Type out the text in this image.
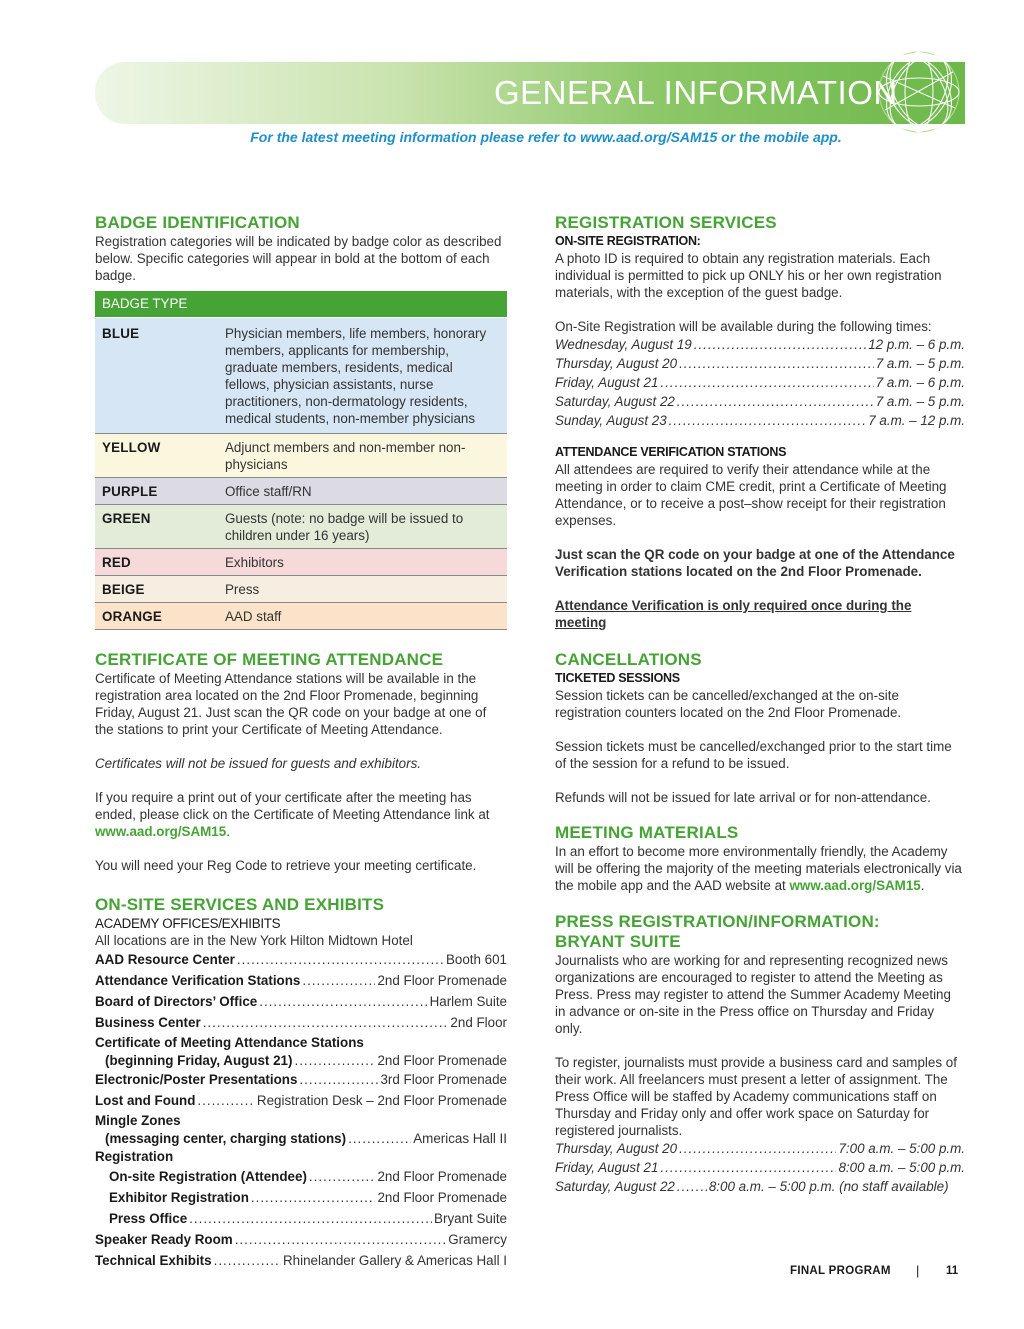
GENERAL INFORMATION
For the latest meeting information please refer to www.aad.org/SAM15 or the mobile app.
BADGE IDENTIFICATION

Registration categories will be indicated by badge color as described below. Specific categories will appear in bold at the bottom of each badge.

BADGE TYPE	
BLUE	Physician members, life members, honorary members, applicants for membership, graduate members, residents, medical fellows, physician assistants, nurse practitioners, non-dermatology residents, medical students, non-member physicians
YELLOW	Adjunct members and non-member non-physicians
PURPLE	Office staff/RN
GREEN	Guests (note: no badge will be issued to children under 16 years)
RED	Exhibitors
BEIGE	Press
ORANGE	AAD staff
CERTIFICATE OF MEETING ATTENDANCE

Certificate of Meeting Attendance stations will be available in the registration area located on the 2nd Floor Promenade, beginning Friday, August 21. Just scan the QR code on your badge at one of the stations to print your Certificate of Meeting Attendance.

Certificates will not be issued for guests and exhibitors.

If you require a print out of your certificate after the meeting has ended, please click on the Certificate of Meeting Attendance link at www.aad.org/SAM15.

You will need your Reg Code to retrieve your meeting certificate.

ON-SITE SERVICES AND EXHIBITS
ACADEMY OFFICES/EXHIBITS

All locations are in the New York Hilton Midtown Hotel

AAD Resource Center .....	Booth 601
Attendance Verification Stations .....	2nd Floor Promenade
Board of Directors’ Office .....	Harlem Suite
Business Center .....	2nd Floor
Certificate of Meeting Attendance Stations
(beginning Friday, August 21) .....	2nd Floor Promenade
Electronic/Poster Presentations .....	3rd Floor Promenade
Lost and Found .....	Registration Desk – 2nd Floor Promenade
Mingle Zones
(messaging center, charging stations) .....	Americas Hall II
Registration
On-site Registration (Attendee) .....	2nd Floor Promenade
Exhibitor Registration .....	2nd Floor Promenade
Press Office .....	Bryant Suite
Speaker Ready Room .....	Gramercy
Technical Exhibits .....	Rhinelander Gallery & Americas Hall I
REGISTRATION SERVICES
ON-SITE REGISTRATION:

A photo ID is required to obtain any registration materials. Each individual is permitted to pick up ONLY his or her own registration materials, with the exception of the guest badge.

On-Site Registration will be available during the following times:

Wednesday, August 19 .....	12 p.m. – 6 p.m.
Thursday, August 20 .....	7 a.m. – 5 p.m.
Friday, August 21 .....	7 a.m. – 6 p.m.
Saturday, August 22 .....	7 a.m. – 5 p.m.
Sunday, August 23 .....	7 a.m. – 12 p.m.
ATTENDANCE VERIFICATION STATIONS

All attendees are required to verify their attendance while at the meeting in order to claim CME credit, print a Certificate of Meeting Attendance, or to receive a post–show receipt for their registration expenses.

Just scan the QR code on your badge at one of the Attendance Verification stations located on the 2nd Floor Promenade.

Attendance Verification is only required once during the meeting

CANCELLATIONS
TICKETED SESSIONS

Session tickets can be cancelled/exchanged at the on-site registration counters located on the 2nd Floor Promenade.

Session tickets must be cancelled/exchanged prior to the start time of the session for a refund to be issued.

Refunds will not be issued for late arrival or for non-attendance.

MEETING MATERIALS

In an effort to become more environmentally friendly, the Academy will be offering the majority of the meeting materials electronically via the mobile app and the AAD website at www.aad.org/SAM15.

PRESS REGISTRATION/INFORMATION:
BRYANT SUITE

Journalists who are working for and representing recognized news organizations are encouraged to register to attend the Meeting as Press. Press may register to attend the Summer Academy Meeting in advance or on-site in the Press office on Thursday and Friday only.

To register, journalists must provide a business card and samples of their work. All freelancers must present a letter of assignment. The Press Office will be staffed by Academy communications staff on Thursday and Friday only and offer work space on Saturday for registered journalists.

Thursday, August 20 .....	7:00 a.m. – 5:00 p.m.
Friday, August 21 .....	8:00 a.m. – 5:00 p.m.
Saturday, August 22 .....	8:00 a.m. – 5:00 p.m. (no staff available)
FINAL PROGRAM | 11
